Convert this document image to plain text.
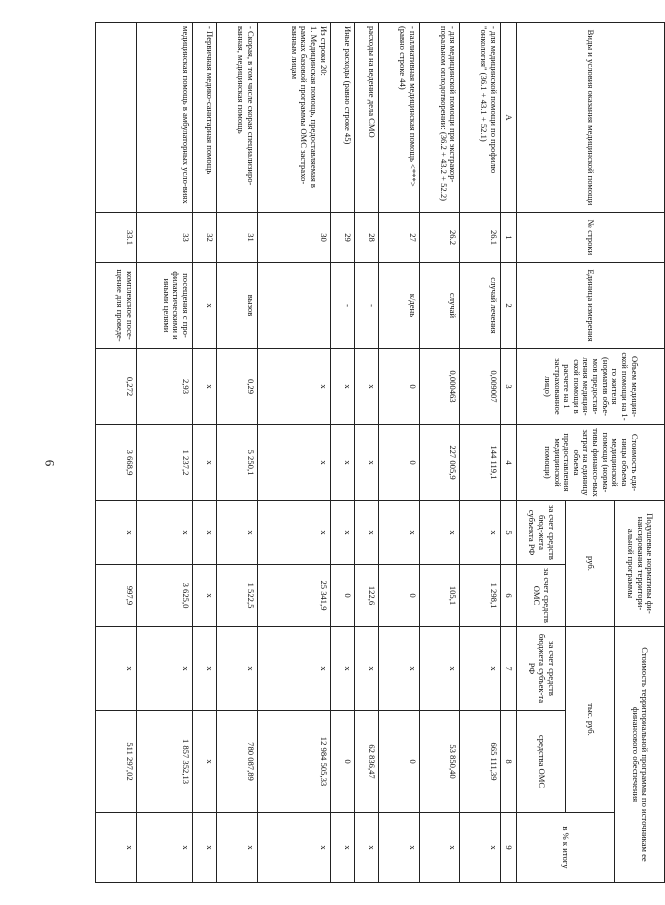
6
Виды и условия оказания медицинской помощи	№ строки	Единица измерения	Объем медицин-ской помощи на 1-го жителя (норматив объе-мов предостав-ления медицин-ской помощи в расчете на 1 застрахованное лицо)	Стоимость еди-ницы объема медицинской помощи (норма-тивы финансо-вых затрат на единицу объема предоставления медицинской помощи)	Подушевые нормативы фи-нансирования территори-альной программы		Стоимость территориальной программы по источникам ее финансового обеспечения		
					руб.		тыс. руб.		в % к итогу
					за счет средств бюд-жета субъекта РФ	за счет средств ОМС	за счет средств бюджета субъек-та РФ	средства ОМС	
А	1	2	3	4	5	6	7	8	9
- для медицинской помощи по профилю "онкология" (36.1 + 43.1 + 52.1)	26.1	случай лечения	0,009007	144 119,1	х	1 298,1	х	665 111,39	х
- для медицинской помощи при экстракор-поральном оплодотворении: (36.2 + 43.2 + 52.2)	26.2	случай	0,000463	227 005,9	х	105,1	х	53 850,40	х
- паллиативная медицинская помощь <***> (равно строке 44)	27	к/день	0	0	х	0	х	0	х
расходы на ведение дела СМО	28	-	х	х	х	122,6	х	62 836,47	х
Иные расходы (равно строке 45)	29	-	х	х	х	0	х	0	х
Из строки 20:
1. Медицинская помощь, предоставляемая в рамках базовой программы ОМС застрахо-ванным лицам	30		х	х	х	25 341,9	х	12 984 505,33	х
- Скорая, в том числе скорая специализиро-ванная, медицинская помощь	31	вызов	0,29	5 250,1	х	1 522,5	х	780 087,89	х
- Первичная медико-санитарная помощь	32	х	х	х	х	х	х	х	х
медицинская помощь в амбулаторных усло-виях	33	посещения с про-филактическими и иными целями	2,93	1 237,2	х	3 625,0	х	1 857 352,13	х
	33.1	комплексное посе-щение для проведе-	0,272	3 668,9	х	997,9	х	511 297,02	х
